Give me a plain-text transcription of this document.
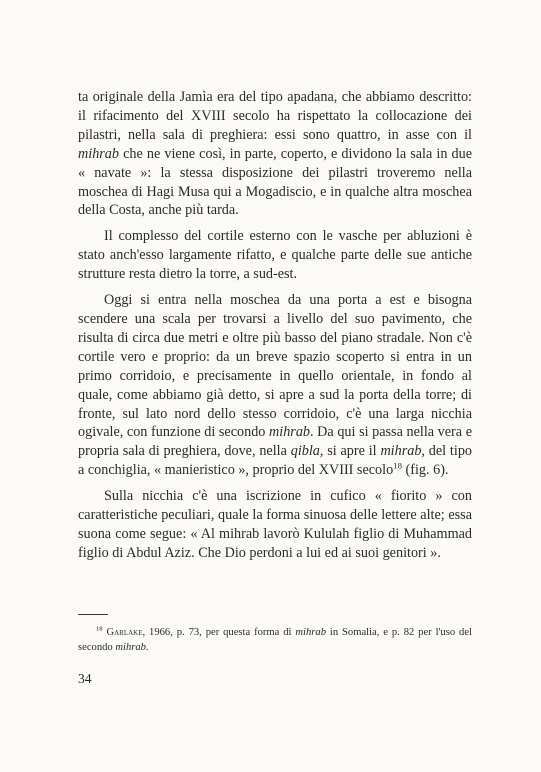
ta originale della Jamìa era del tipo apadana, che abbiamo descritto: il rifacimento del XVIII secolo ha rispettato la collocazione dei pilastri, nella sala di preghiera: essi sono quattro, in asse con il mihrab che ne viene così, in parte, coperto, e dividono la sala in due « navate »: la stessa disposizione dei pilastri troveremo nella moschea di Hagi Musa qui a Mogadiscio, e in qualche altra moschea della Costa, anche più tarda.

Il complesso del cortile esterno con le vasche per abluzioni è stato anch'esso largamente rifatto, e qualche parte delle sue antiche strutture resta dietro la torre, a sud-est.

Oggi si entra nella moschea da una porta a est e bisogna scendere una scala per trovarsi a livello del suo pavimento, che risulta di circa due metri e oltre più basso del piano stradale. Non c'è cortile vero e proprio: da un breve spazio scoperto si entra in un primo corridoio, e precisamente in quello orientale, in fondo al quale, come abbiamo già detto, si apre a sud la porta della torre; di fronte, sul lato nord dello stesso corridoio, c'è una larga nicchia ogivale, con funzione di secondo mihrab. Da qui si passa nella vera e propria sala di preghiera, dove, nella qibla, si apre il mihrab, del tipo a conchiglia, « manieristico », proprio del XVIII secolo$^{18}$ (fig. 6).

Sulla nicchia c'è una iscrizione in cufico « fiorito » con caratteristiche peculiari, quale la forma sinuosa delle lettere alte; essa suona come segue: « Al mihrab lavorò Kululah figlio di Muhammad figlio di Abdul Aziz. Che Dio perdoni a lui ed ai suoi genitori ».

$^{18}$ Garlake, 1966, p. 73, per questa forma di mihrab in Somalia, e p. 82 per l'uso del secondo mihrab.

34
